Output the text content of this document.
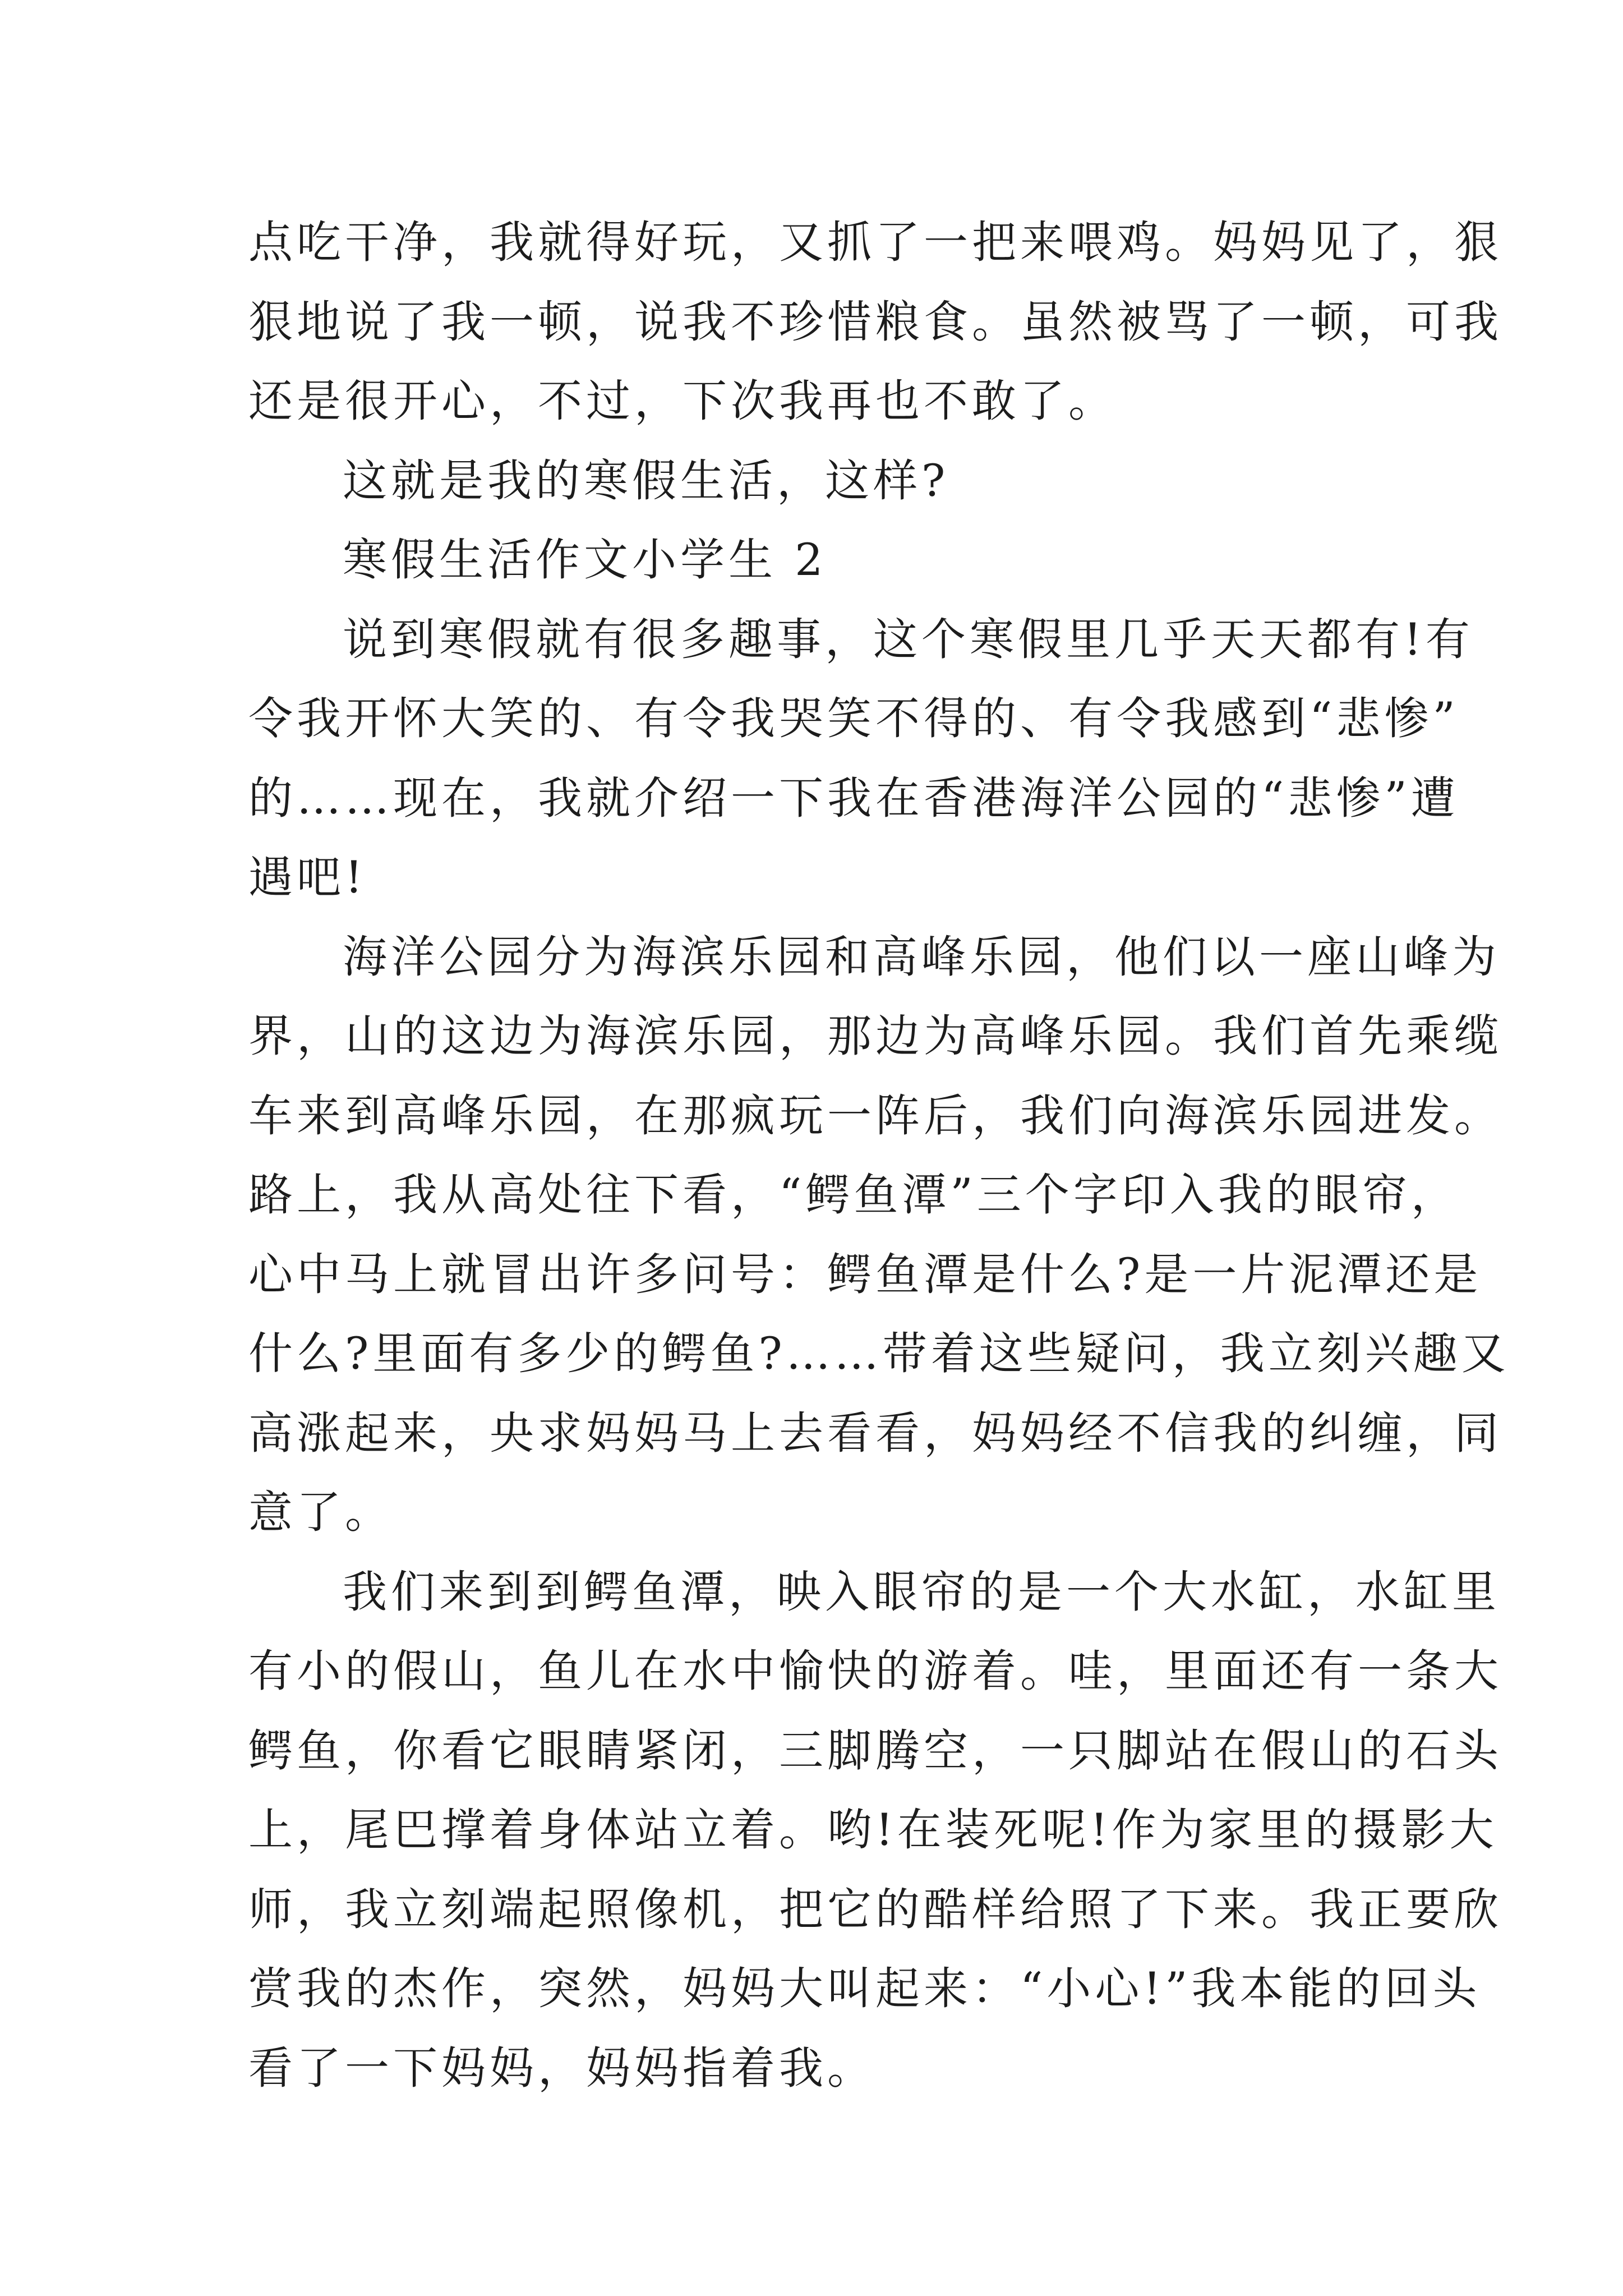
点吃干净，我就得好玩，又抓了一把来喂鸡。妈妈见了，狠
狠地说了我一顿，说我不珍惜粮食。虽然被骂了一顿，可我
还是很开心，不过，下次我再也不敢了。
这就是我的寒假生活，这样?
寒假生活作文小学生 2
说到寒假就有很多趣事，这个寒假里几乎天天都有!有
令我开怀大笑的、有令我哭笑不得的、有令我感到“悲惨”
的……现在，我就介绍一下我在香港海洋公园的“悲惨”遭
遇吧!
海洋公园分为海滨乐园和高峰乐园，他们以一座山峰为
界，山的这边为海滨乐园，那边为高峰乐园。我们首先乘缆
车来到高峰乐园，在那疯玩一阵后，我们向海滨乐园进发。
路上，我从高处往下看，“鳄鱼潭”三个字印入我的眼帘，
心中马上就冒出许多问号：鳄鱼潭是什么?是一片泥潭还是
什么?里面有多少的鳄鱼?……带着这些疑问，我立刻兴趣又
高涨起来，央求妈妈马上去看看，妈妈经不信我的纠缠，同
意了。
我们来到到鳄鱼潭，映入眼帘的是一个大水缸，水缸里
有小的假山，鱼儿在水中愉快的游着。哇，里面还有一条大
鳄鱼，你看它眼睛紧闭，三脚腾空，一只脚站在假山的石头
上，尾巴撑着身体站立着。哟!在装死呢!作为家里的摄影大
师，我立刻端起照像机，把它的酷样给照了下来。我正要欣
赏我的杰作，突然，妈妈大叫起来：“小心!”我本能的回头
看了一下妈妈，妈妈指着我。
